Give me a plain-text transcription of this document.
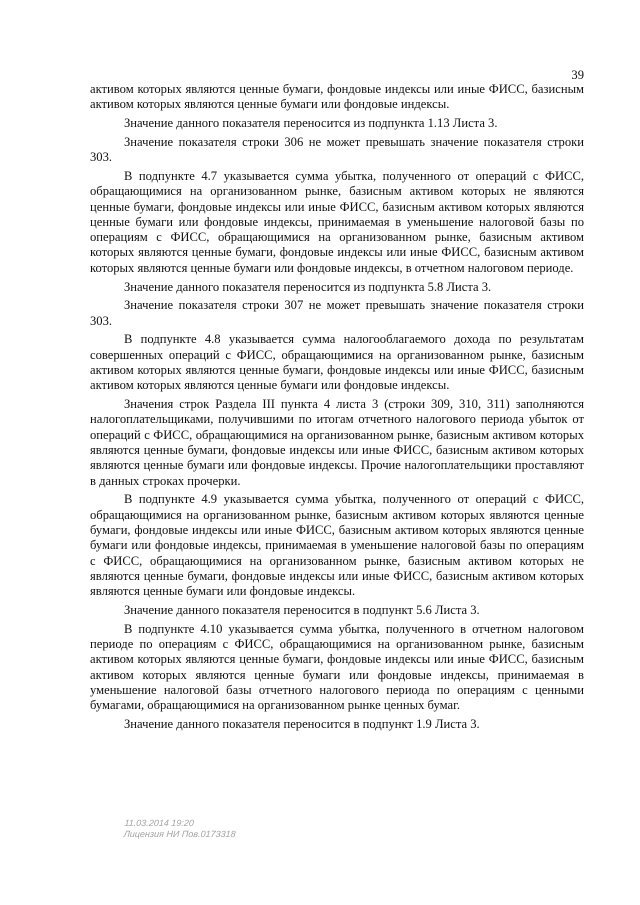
39

активом которых являются ценные бумаги, фондовые индексы или иные ФИСС, базисным активом которых являются ценные бумаги или фондовые индексы.

Значение данного показателя переносится из подпункта 1.13 Листа 3.

Значение показателя строки 306 не может превышать значение показателя строки 303.

В подпункте 4.7 указывается сумма убытка, полученного от операций с ФИСС, обращающимися на организованном рынке, базисным активом которых не являются ценные бумаги, фондовые индексы или иные ФИСС, базисным активом которых являются ценные бумаги или фондовые индексы, принимаемая в уменьшение налоговой базы по операциям с ФИСС, обращающимися на организованном рынке, базисным активом которых являются ценные бумаги, фондовые индексы или иные ФИСС, базисным активом которых являются ценные бумаги или фондовые индексы, в отчетном налоговом периоде.

Значение данного показателя переносится из подпункта 5.8 Листа 3.

Значение показателя строки 307 не может превышать значение показателя строки 303.

В подпункте 4.8 указывается сумма налогооблагаемого дохода по результатам совершенных операций с ФИСС, обращающимися на организованном рынке, базисным активом которых являются ценные бумаги, фондовые индексы или иные ФИСС, базисным активом которых являются ценные бумаги или фондовые индексы.

Значения строк Раздела III пункта 4 листа 3 (строки 309, 310, 311) заполняются налогоплательщиками, получившими по итогам отчетного налогового периода убыток от операций с ФИСС, обращающимися на организованном рынке, базисным активом которых являются ценные бумаги, фондовые индексы или иные ФИСС, базисным активом которых являются ценные бумаги или фондовые индексы. Прочие налогоплательщики проставляют в данных строках прочерки.

В подпункте 4.9 указывается сумма убытка, полученного от операций с ФИСС, обращающимися на организованном рынке, базисным активом которых являются ценные бумаги, фондовые индексы или иные ФИСС, базисным активом которых являются ценные бумаги или фондовые индексы, принимаемая в уменьшение налоговой базы по операциям с ФИСС, обращающимися на организованном рынке, базисным активом которых не являются ценные бумаги, фондовые индексы или иные ФИСС, базисным активом которых являются ценные бумаги или фондовые индексы.

Значение данного показателя переносится в подпункт 5.6 Листа 3.

В подпункте 4.10 указывается сумма убытка, полученного в отчетном налоговом периоде по операциям с ФИСС, обращающимися на организованном рынке, базисным активом которых являются ценные бумаги, фондовые индексы или иные ФИСС, базисным активом которых являются ценные бумаги или фондовые индексы, принимаемая в уменьшение налоговой базы отчетного налогового периода по операциям с ценными бумагами, обращающимися на организованном рынке ценных бумаг.

Значение данного показателя переносится в подпункт 1.9 Листа 3.

11.03.2014 19:20
Лицензия НИ Пов.0173318
